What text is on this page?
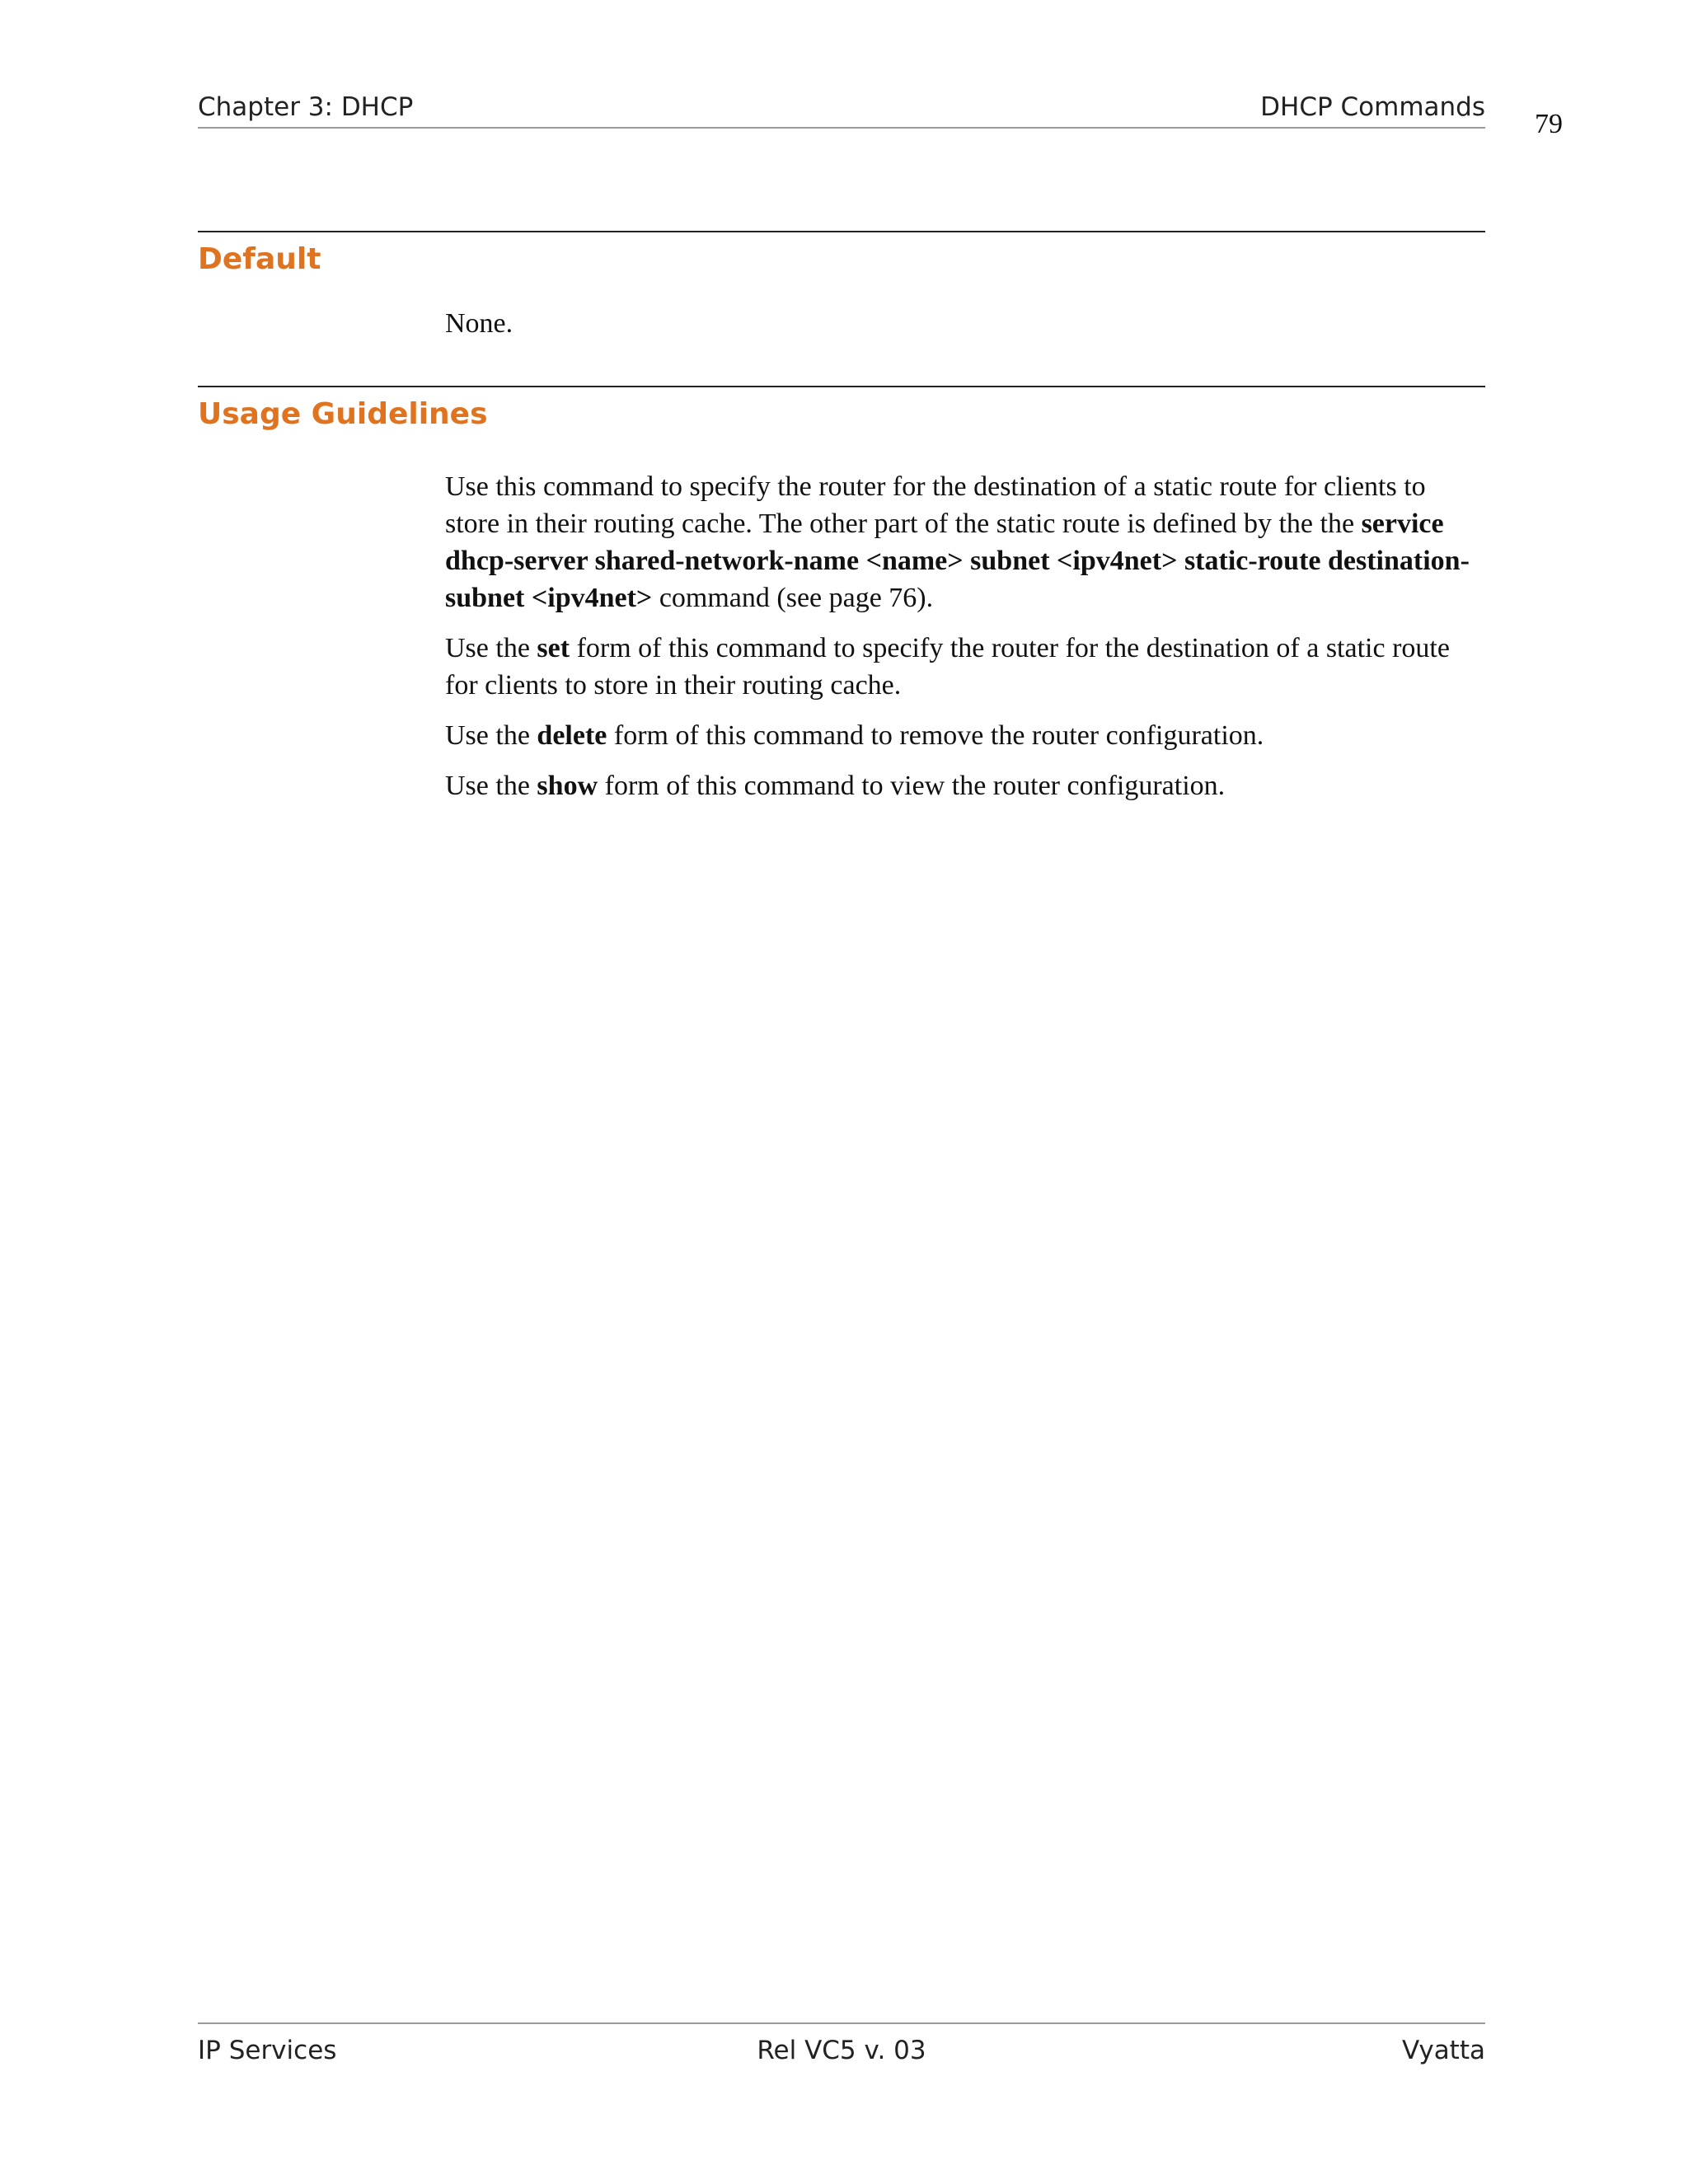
Chapter 3: DHCP	DHCP Commands
79
Default

None.

Usage Guidelines

Use this command to specify the router for the destination of a static route for clients to store in their routing cache. The other part of the static route is defined by the the service dhcp-server shared-network-name <name> subnet <ipv4net> static-route destination-subnet <ipv4net> command (see page 76).

Use the set form of this command to specify the router for the destination of a static route for clients to store in their routing cache.

Use the delete form of this command to remove the router configuration.

Use the show form of this command to view the router configuration.

IP Services	Rel VC5 v. 03	Vyatta
